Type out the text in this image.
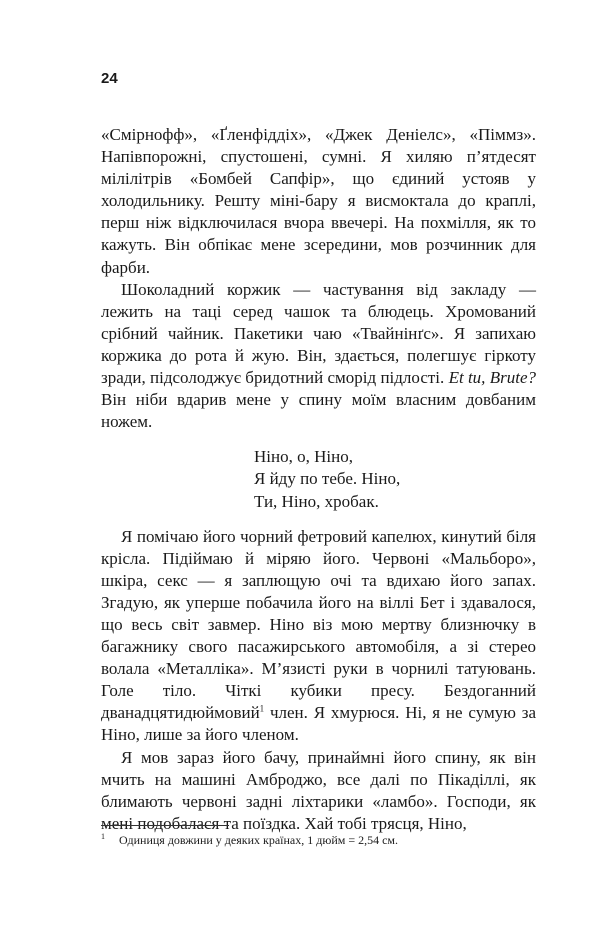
24

«Смірнофф», «Ґленфіддіх», «Джек Деніелс», «Піммз». Напівпорожні, спустошені, сумні. Я хиляю п’ятдесят мілілітрів «Бомбей Сапфір», що єдиний устояв у холодильнику. Решту міні-бару я висмоктала до краплі, перш ніж відключилася вчора ввечері. На похмілля, як то кажуть. Він обпікає мене зсередини, мов розчинник для фарби.

Шоколадний коржик — частування від закладу — лежить на таці серед чашок та блюдець. Хромований срібний чайник. Пакетики чаю «Твайнінґс». Я запихаю коржика до рота й жую. Він, здається, полегшує гіркоту зради, підсолоджує бридотний сморід підлості. Et tu, Brute? Він ніби вдарив мене у спину моїм власним довбаним ножем.

Ніно, о, Ніно,
Я йду по тебе. Ніно,
Ти, Ніно, хробак.

Я помічаю його чорний фетровий капелюх, кинутий біля крісла. Підіймаю й міряю його. Червоні «Мальборо», шкіра, секс — я заплющую очі та вдихаю його запах. Згадую, як уперше побачила його на віллі Бет і здавалося, що весь світ завмер. Ніно віз мою мертву близнючку в багажнику свого пасажирського автомобіля, а зі стерео волала «Металліка». М’язисті руки в чорнилі татуювань. Голе тіло. Чіткі кубики пресу. Бездоганний дванадцятидюймовий$^1$ член. Я хмурюся. Ні, я не сумую за Ніно, лише за його членом.

Я мов зараз його бачу, принаймні його спину, як він мчить на машині Амброджо, все далі по Пікаділлі, як блимають червоні задні ліхтарики «ламбо». Господи, як мені подобалася та поїздка. Хай тобі трясця, Ніно,

$^1$ Одиниця довжини у деяких країнах, 1 дюйм = 2,54 см.
